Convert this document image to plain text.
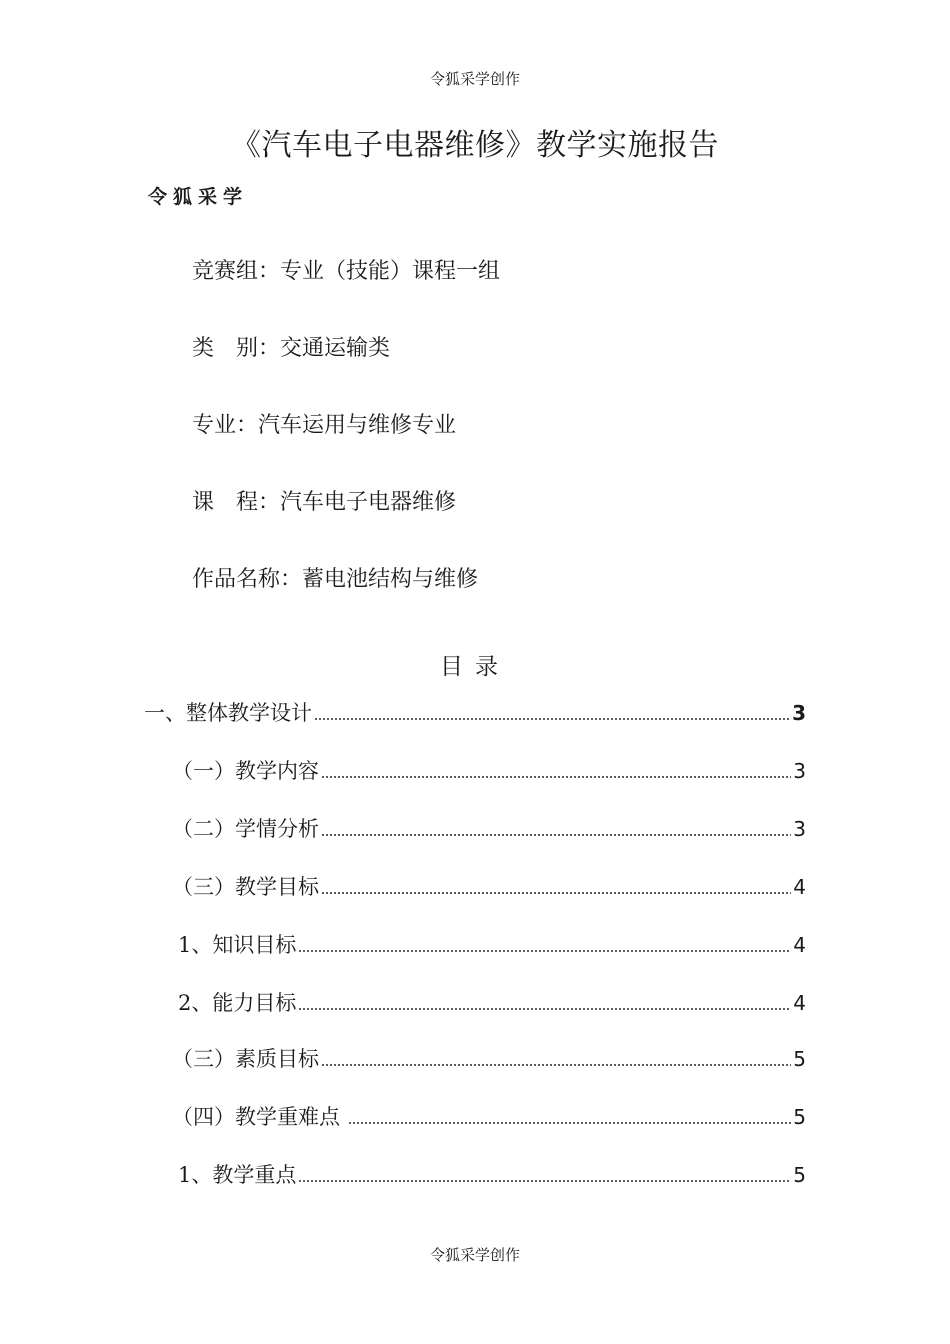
令狐采学创作
《汽车电子电器维修》教学实施报告
令狐采学
竞赛组：专业（技能）课程一组
类　别：交通运输类
专业：汽车运用与维修专业
课　程：汽车电子电器维修
作品名称：蓄电池结构与维修
目录
一、整体教学设计	3
（一）教学内容	3
（二）学情分析	3
（三）教学目标	4
1、知识目标	4
2、能力目标	4
（三）素质目标	5
（四）教学重难点	5
1、教学重点	5
令狐采学创作
